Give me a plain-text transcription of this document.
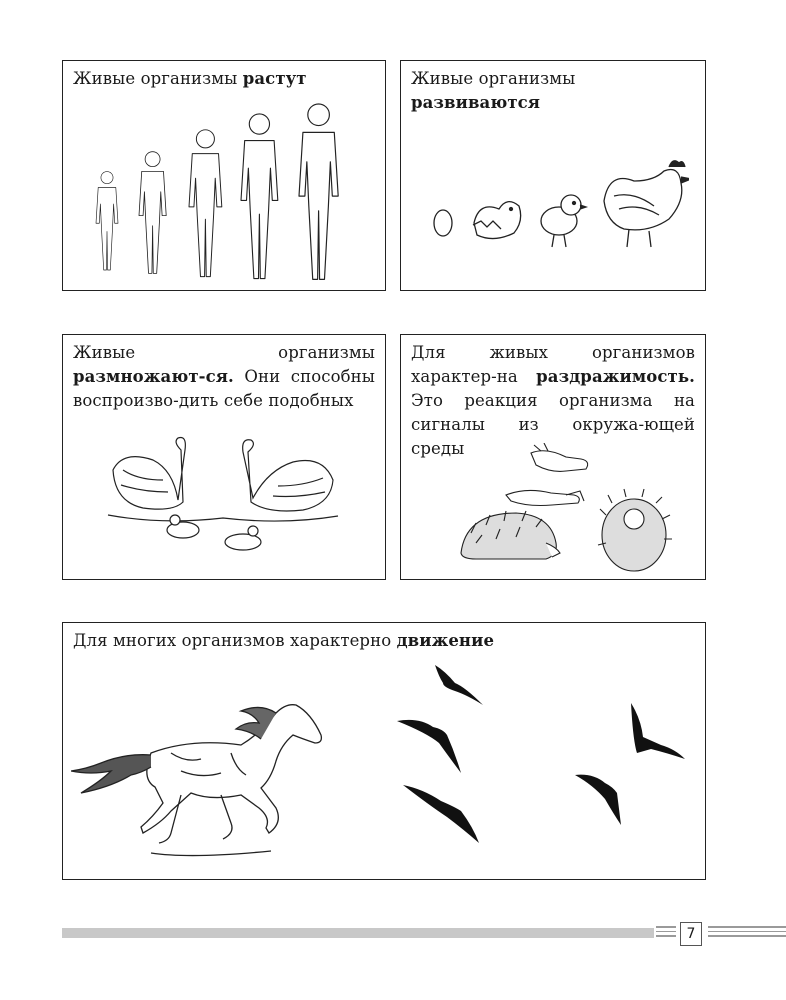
Живые организмы растут	Живые организмы развиваются
Живые организмы размножают-ся. Они способны воспроизво-дить себе подобных
Для живых организмов характер-на раздражимость. Это реакция организма на сигналы из окружа-ющей среды
Для многих организмов характерно движение
7
